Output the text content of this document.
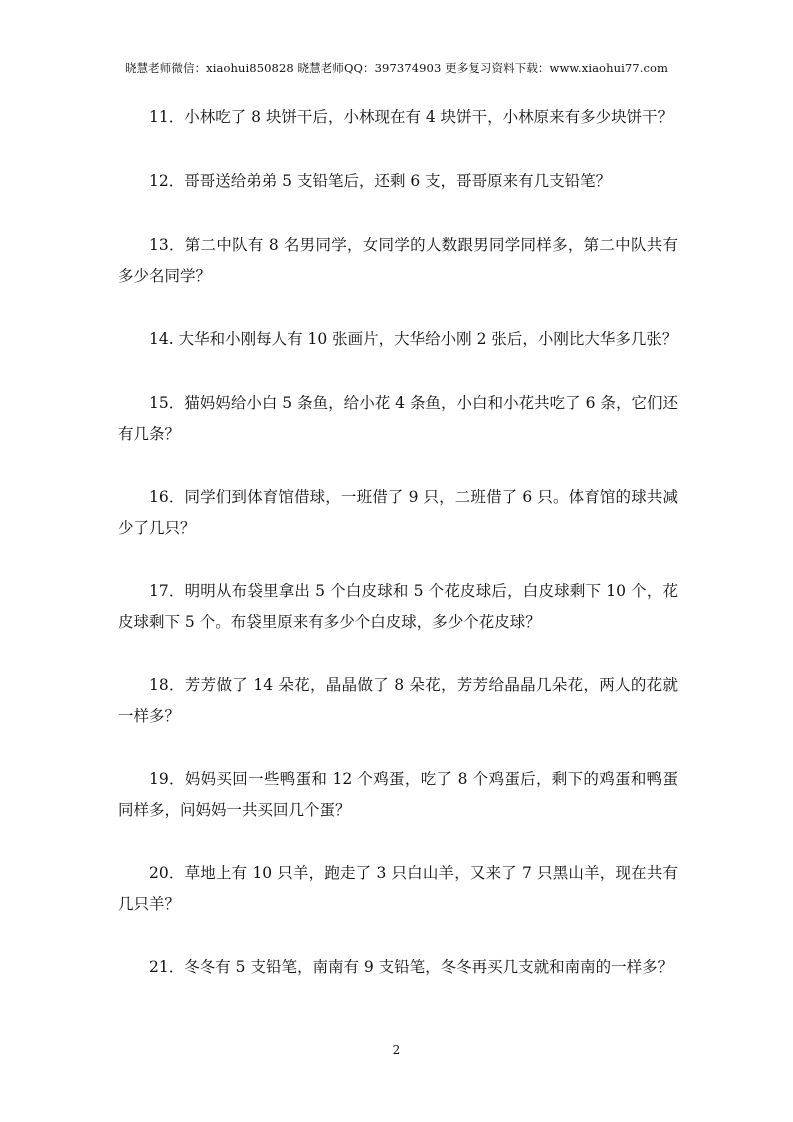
晓慧老师微信：xiaohui850828 晓慧老师QQ：397374903 更多复习资料下载：www.xiaohui77.com

11．小林吃了 8 块饼干后，小林现在有 4 块饼干，小林原来有多少块饼干？

12．哥哥送给弟弟 5 支铅笔后，还剩 6 支，哥哥原来有几支铅笔？

13．第二中队有 8 名男同学，女同学的人数跟男同学同样多，第二中队共有多少名同学？

14. 大华和小刚每人有 10 张画片，大华给小刚 2 张后，小刚比大华多几张？

15．猫妈妈给小白 5 条鱼，给小花 4 条鱼，小白和小花共吃了 6 条，它们还有几条？

16．同学们到体育馆借球，一班借了 9 只，二班借了 6 只。体育馆的球共减少了几只？

17．明明从布袋里拿出 5 个白皮球和 5 个花皮球后，白皮球剩下 10 个，花皮球剩下 5 个。布袋里原来有多少个白皮球，多少个花皮球？

18．芳芳做了 14 朵花，晶晶做了 8 朵花，芳芳给晶晶几朵花，两人的花就一样多？

19．妈妈买回一些鸭蛋和 12 个鸡蛋，吃了 8 个鸡蛋后，剩下的鸡蛋和鸭蛋同样多，问妈妈一共买回几个蛋？

20．草地上有 10 只羊，跑走了 3 只白山羊，又来了 7 只黑山羊，现在共有几只羊？

21．冬冬有 5 支铅笔，南南有 9 支铅笔，冬冬再买几支就和南南的一样多？

2
